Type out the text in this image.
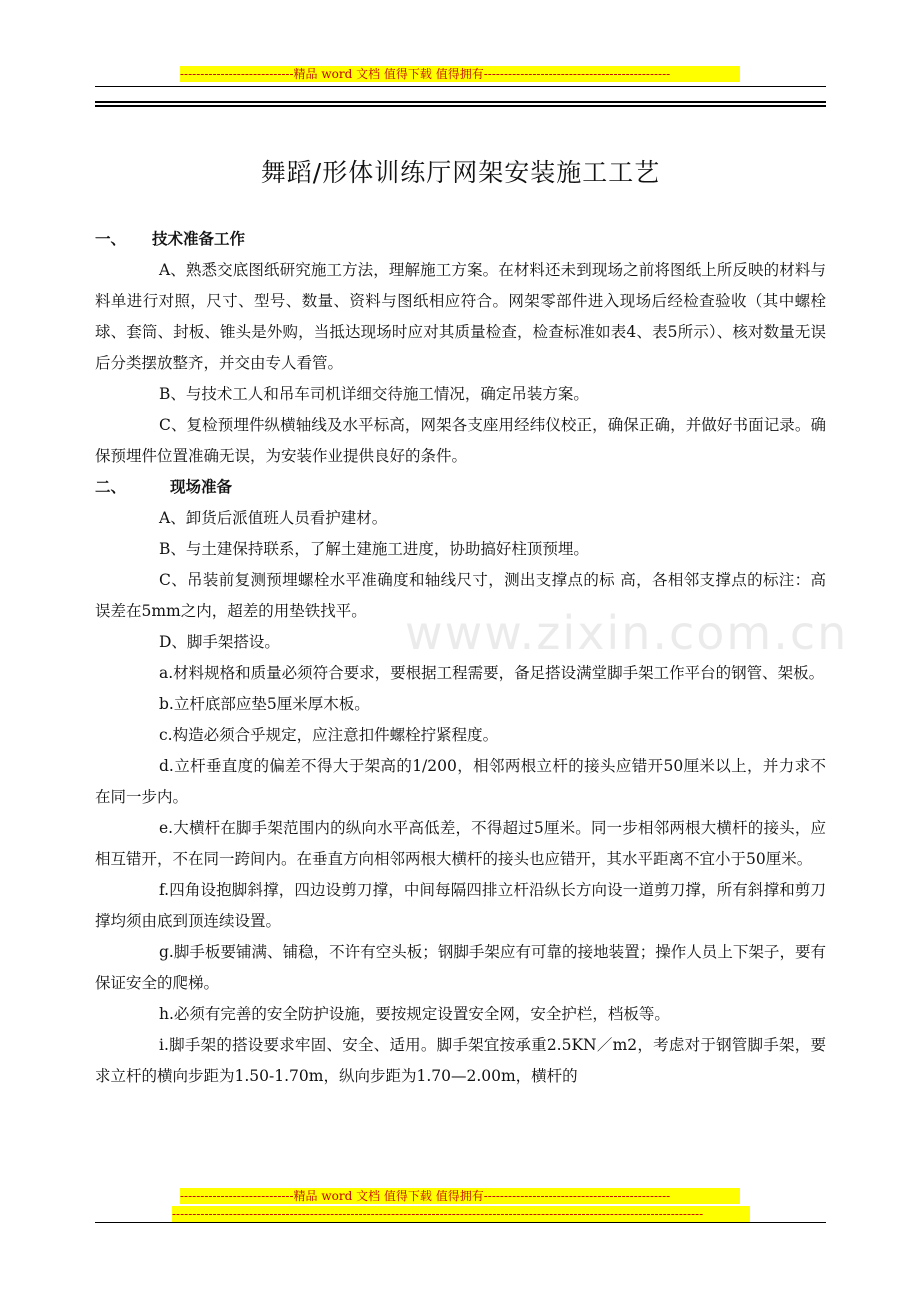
----------------------------精品 word 文档 值得下载 值得拥有----------------------------------------------
舞蹈/形体训练厅网架安装施工工艺
www.zixin.com.cn
一、 技术准备工作
A、熟悉交底图纸研究施工方法，理解施工方案。在材料还未到现场之前将图纸上所反映的材料与料单进行对照，尺寸、型号、数量、资料与图纸相应符合。网架零部件进入现场后经检查验收（其中螺栓球、套筒、封板、锥头是外购，当抵达现场时应对其质量检查，检查标准如表4、表5所示）、核对数量无误后分类摆放整齐，并交由专人看管。
B、与技术工人和吊车司机详细交待施工情况，确定吊装方案。
C、复检预埋件纵横轴线及水平标高，网架各支座用经纬仪校正，确保正确，并做好书面记录。确保预埋件位置准确无误，为安装作业提供良好的条件。
二、	现场准备
A、卸货后派值班人员看护建材。
B、与土建保持联系，了解土建施工进度，协助搞好柱顶预埋。
C、吊装前复测预埋螺栓水平准确度和轴线尺寸，测出支撑点的标 高，各相邻支撑点的标注：高误差在5mm之内，超差的用垫铁找平。
D、脚手架搭设。
a.材料规格和质量必须符合要求，要根据工程需要，备足搭设满堂脚手架工作平台的钢管、架板。
b.立杆底部应垫5厘米厚木板。
c.构造必须合乎规定，应注意扣件螺栓拧紧程度。
d.立杆垂直度的偏差不得大于架高的1/200，相邻两根立杆的接头应错开50厘米以上，并力求不在同一步内。
e.大横杆在脚手架范围内的纵向水平高低差，不得超过5厘米。同一步相邻两根大横杆的接头，应相互错开，不在同一跨间内。在垂直方向相邻两根大横杆的接头也应错开，其水平距离不宜小于50厘米。
f.四角设抱脚斜撑，四边设剪刀撑，中间每隔四排立杆沿纵长方向设一道剪刀撑，所有斜撑和剪刀撑均须由底到顶连续设置。
g.脚手板要铺满、铺稳，不许有空头板；钢脚手架应有可靠的接地装置；操作人员上下架子，要有保证安全的爬梯。
h.必须有完善的安全防护设施，要按规定设置安全网，安全护栏，档板等。
i.脚手架的搭设要求牢固、安全、适用。脚手架宜按承重2.5KN／m2，考虑对于钢管脚手架，要求立杆的横向步距为1.50-1.70m，纵向步距为1.70—2.00m，横杆的
----------------------------精品 word 文档 值得下载 值得拥有----------------------------------------------
-----------------------------------------------------------------------------------------------------------------------------------
